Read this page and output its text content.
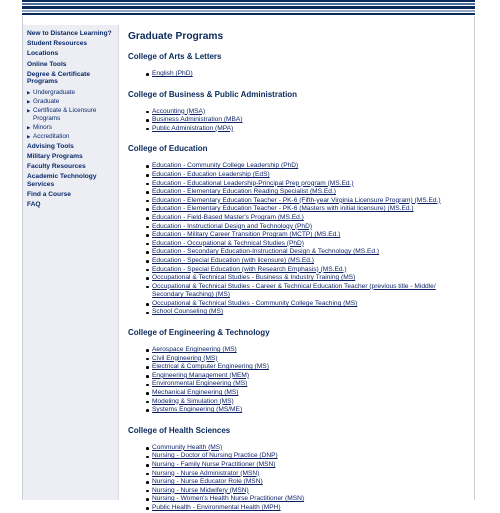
New to Distance Learning?
Student Resources
Locations
Online Tools
Degree & Certificate Programs
▶ Undergraduate
▶ Graduate
▶ Certificate & Licensure Programs
▶ Minors
▶ Accreditation
Advising Tools
Military Programs
Faculty Resources
Academic Technology Services
Find a Course
FAQ
Graduate Programs
College of Arts & Letters
English (PhD)
College of Business & Public Administration
Accounting (MSA)
Business Administration (MBA)
Public Administration (MPA)
College of Education
Education - Community College Leadership (PhD)
Education - Education Leadership (EdS)
Education - Educational Leadership-Principal Prep program (MS.Ed.)
Education - Elementary Education Reading Specialist (MS.Ed.)
Education - Elementary Education Teacher - PK-6 (Fifth-year Virginia Licensure Program) (MS.Ed.)
Education - Elementary Education Teacher - PK-6 (Masters with initial licensure) (MS.Ed.)
Education - Field-Based Master's Program (MS.Ed.)
Education - Instructional Design and Technology (PhD)
Education - Military Career Transition Program (MCTP) (MS.Ed.)
Education - Occupational & Technical Studies (PhD)
Education - Secondary Education-Instructional Design & Technology (MS.Ed.)
Education - Special Education (with licensure) (MS.Ed.)
Education - Special Education (with Research Emphasis) (MS.Ed.)
Occupational & Technical Studies - Business & Industry Training (MS)
Occupational & Technical Studies - Career & Technical Education Teacher (previous title - Middle/ Secondary Teaching) (MS)
Occupational & Technical Studies - Community College Teaching (MS)
School Counseling (MS)
College of Engineering & Technology
Aerospace Engineering (MS)
Civil Engineering (MS)
Electrical & Computer Engineering (MS)
Engineering Management (MEM)
Environmental Engineering (MS)
Mechanical Engineering (MS)
Modeling & Simulation (MS)
Systems Engineering (MS/ME)
College of Health Sciences
Community Health (MS)
Nursing - Doctor of Nursing Practice (DNP)
Nursing - Family Nurse Practitioner (MSN)
Nursing - Nurse Administrator (MSN)
Nursing - Nurse Educator Role (MSN)
Nursing - Nurse Midwifery (MSN)
Nursing - Women's Health Nurse Practitioner (MSN)
Public Health - Environmental Health (MPH)
